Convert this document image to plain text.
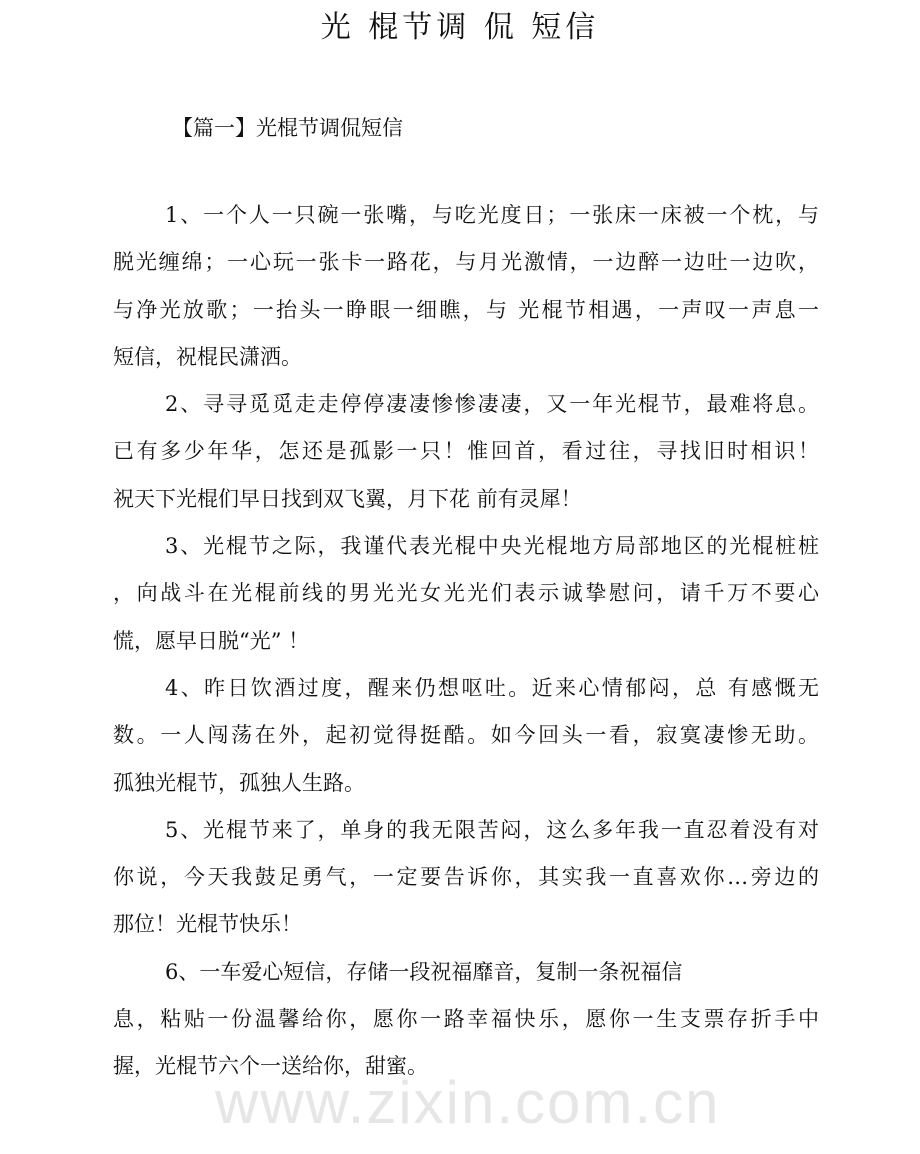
光 棍节调 侃 短信
【篇一】光棍节调侃短信
1、一个人一只碗一张嘴，与吃光度日；一张床一床被一个枕，与
脱光缠绵；一心玩一张卡一路花，与月光激情，一边醉一边吐一边吹，
与净光放歌；一抬头一睁眼一细瞧，与 光棍节相遇，一声叹一声息一
短信，祝棍民潇洒。
2、寻寻觅觅走走停停凄凄惨惨凄凄，又一年光棍节，最难将息。
已有多少年华，怎还是孤影一只！惟回首，看过往，寻找旧时相识！
祝天下光棍们早日找到双飞翼，月下花 前有灵犀！
3、光棍节之际，我谨代表光棍中央光棍地方局部地区的光棍桩桩
，向战斗在光棍前线的男光光女光光们表示诚挚慰问，请千万不要心
慌，愿早日脱“光” ！
4、昨日饮酒过度，醒来仍想呕吐。近来心情郁闷，总 有感慨无
数。一人闯荡在外，起初觉得挺酷。如今回头一看，寂寞凄惨无助。
孤独光棍节，孤独人生路。
5、光棍节来了，单身的我无限苦闷，这么多年我一直忍着没有对
你说，今天我鼓足勇气，一定要告诉你，其实我一直喜欢你…旁边的
那位！光棍节快乐！
6、一车爱心短信，存储一段祝福靡音，复制一条祝福信
息，粘贴一份温馨给你，愿你一路幸福快乐，愿你一生支票存折手中
握，光棍节六个一送给你，甜蜜。
www.zixin.com.cn
